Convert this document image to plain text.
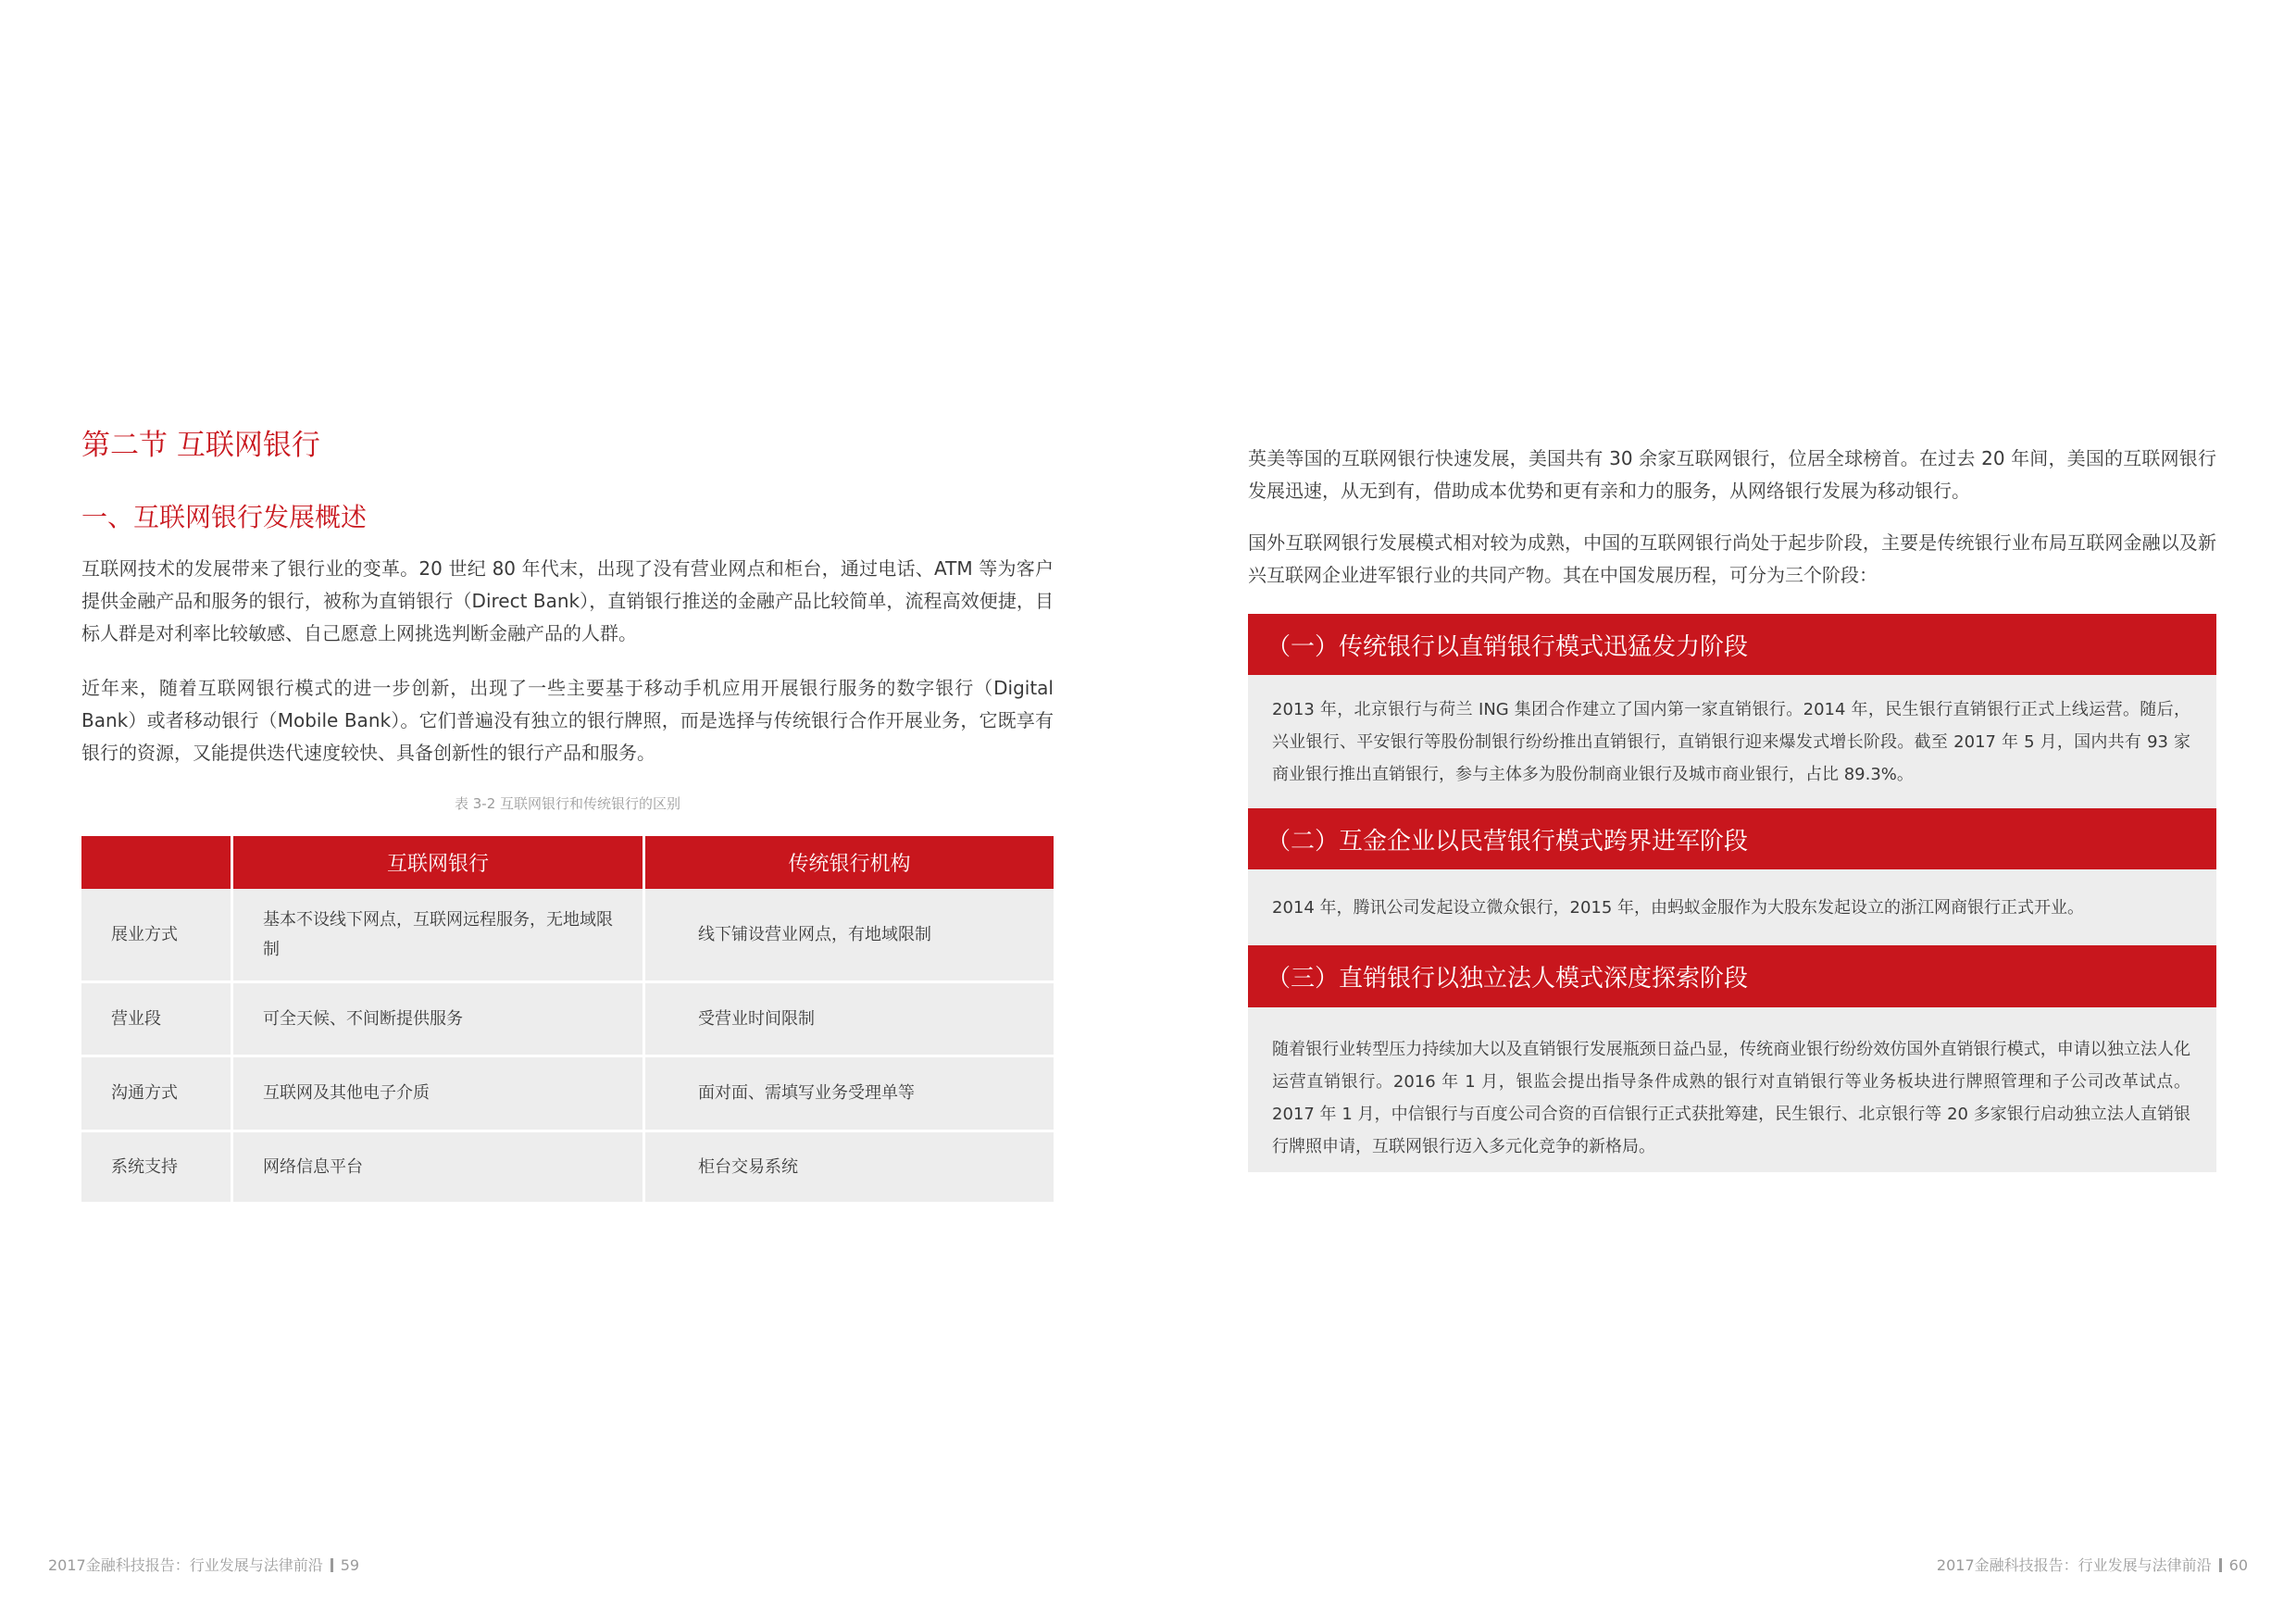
第二节 互联网银行
一、互联网银行发展概述
互联网技术的发展带来了银行业的变革。20 世纪 80 年代末，出现了没有营业网点和柜台，通过电话、ATM 等为客户提供金融产品和服务的银行，被称为直销银行（Direct Bank），直销银行推送的金融产品比较简单，流程高效便捷，目标人群是对利率比较敏感、自己愿意上网挑选判断金融产品的人群。
近年来，随着互联网银行模式的进一步创新，出现了一些主要基于移动手机应用开展银行服务的数字银行（Digital Bank）或者移动银行（Mobile Bank）。它们普遍没有独立的银行牌照，而是选择与传统银行合作开展业务，它既享有银行的资源，又能提供迭代速度较快、具备创新性的银行产品和服务。
表 3-2 互联网银行和传统银行的区别
	互联网银行	传统银行机构
展业方式	基本不设线下网点，互联网远程服务，无地域限制	线下铺设营业网点，有地域限制
营业段	可全天候、不间断提供服务	受营业时间限制
沟通方式	互联网及其他电子介质	面对面、需填写业务受理单等
系统支持	网络信息平台	柜台交易系统
2017金融科技报告：行业发展与法律前沿 59
英美等国的互联网银行快速发展，美国共有 30 余家互联网银行，位居全球榜首。在过去 20 年间，美国的互联网银行发展迅速，从无到有，借助成本优势和更有亲和力的服务，从网络银行发展为移动银行。
国外互联网银行发展模式相对较为成熟，中国的互联网银行尚处于起步阶段，主要是传统银行业布局互联网金融以及新兴互联网企业进军银行业的共同产物。其在中国发展历程，可分为三个阶段：
（一）传统银行以直销银行模式迅猛发力阶段
2013 年，北京银行与荷兰 ING 集团合作建立了国内第一家直销银行。2014 年，民生银行直销银行正式上线运营。随后，兴业银行、平安银行等股份制银行纷纷推出直销银行，直销银行迎来爆发式增长阶段。截至 2017 年 5 月，国内共有 93 家商业银行推出直销银行，参与主体多为股份制商业银行及城市商业银行，占比 89.3%。
（二）互金企业以民营银行模式跨界进军阶段
2014 年，腾讯公司发起设立微众银行，2015 年，由蚂蚁金服作为大股东发起设立的浙江网商银行正式开业。
（三）直销银行以独立法人模式深度探索阶段
随着银行业转型压力持续加大以及直销银行发展瓶颈日益凸显，传统商业银行纷纷效仿国外直销银行模式，申请以独立法人化运营直销银行。2016 年 1 月，银监会提出指导条件成熟的银行对直销银行等业务板块进行牌照管理和子公司改革试点。2017 年 1 月，中信银行与百度公司合资的百信银行正式获批筹建，民生银行、北京银行等 20 多家银行启动独立法人直销银行牌照申请，互联网银行迈入多元化竞争的新格局。
2017金融科技报告：行业发展与法律前沿 60
